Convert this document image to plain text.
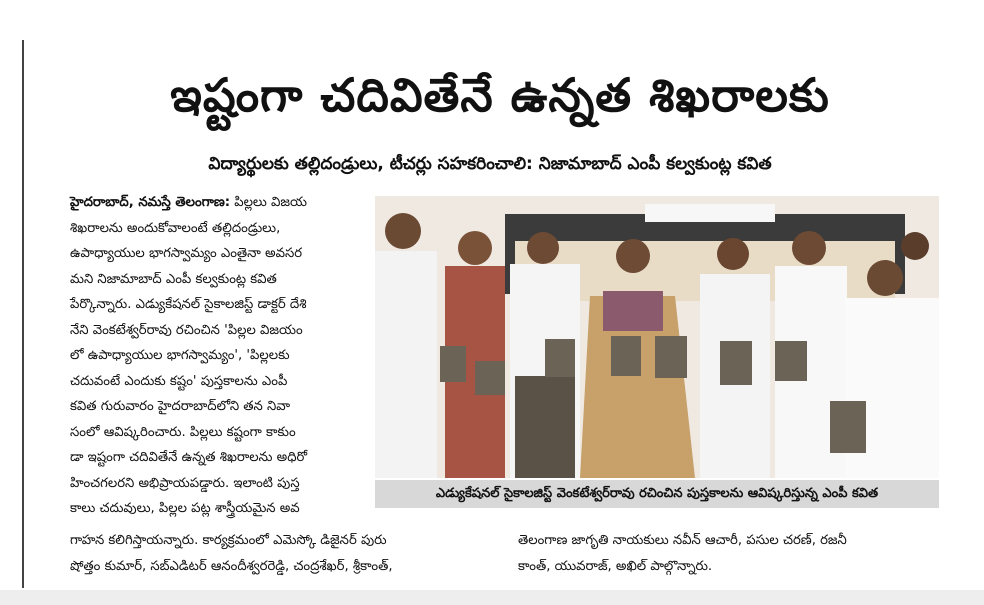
ఇష్టంగా చదివితేనే ఉన్నత శిఖరాలకు
విద్యార్థులకు తల్లిదండ్రులు, టీచర్లు సహకరించాలి: నిజామాబాద్ ఎంపీ కల్వకుంట్ల కవిత
హైదరాబాద్, నమస్తే తెలంగాణ: పిల్లలు విజయ
శిఖరాలను అందుకోవాలంటే తల్లిదండ్రులు,
ఉపాధ్యాయుల భాగస్వామ్యం ఎంతైనా అవసర
మని నిజామాబాద్ ఎంపీ కల్వకుంట్ల కవిత
పేర్కొన్నారు. ఎడ్యుకేషనల్ సైకాలజిస్ట్ డాక్టర్ దేశి
నేని వెంకటేశ్వర్‌రావు రచించిన 'పిల్లల విజయం
లో ఉపాధ్యాయుల భాగస్వామ్యం', 'పిల్లలకు
చదువంటే ఎందుకు కష్టం' పుస్తకాలను ఎంపీ
కవిత గురువారం హైదరాబాద్‌లోని తన నివా
సంలో ఆవిష్కరించారు. పిల్లలు కష్టంగా కాకుం
డా ఇష్టంగా చదివితేనే ఉన్నత శిఖరాలను అధిరో
హించగలరని అభిప్రాయపడ్డారు. ఇలాంటి పుస్త
కాలు చదువులు, పిల్లల పట్ల శాస్త్రీయమైన అవ
గాహన కలిగిస్తాయన్నారు. కార్యక్రమంలో ఎమెస్కో డిజైనర్ పురు
షోత్తం కుమార్, సబ్‌ఎడిటర్ ఆనందీశ్వరరెడ్డి, చంద్రశేఖర్, శ్రీకాంత్,
తెలంగాణ జాగృతి నాయకులు నవీన్ ఆచారీ, పసుల చరణ్, రజనీ
కాంత్, యువరాజ్, అఖిల్ పాల్గొన్నారు.
ఎడ్యుకేషనల్ సైకాలజిస్ట్ వెంకటేశ్వర్‌రావు రచించిన పుస్తకాలను ఆవిష్కరిస్తున్న ఎంపీ కవిత
